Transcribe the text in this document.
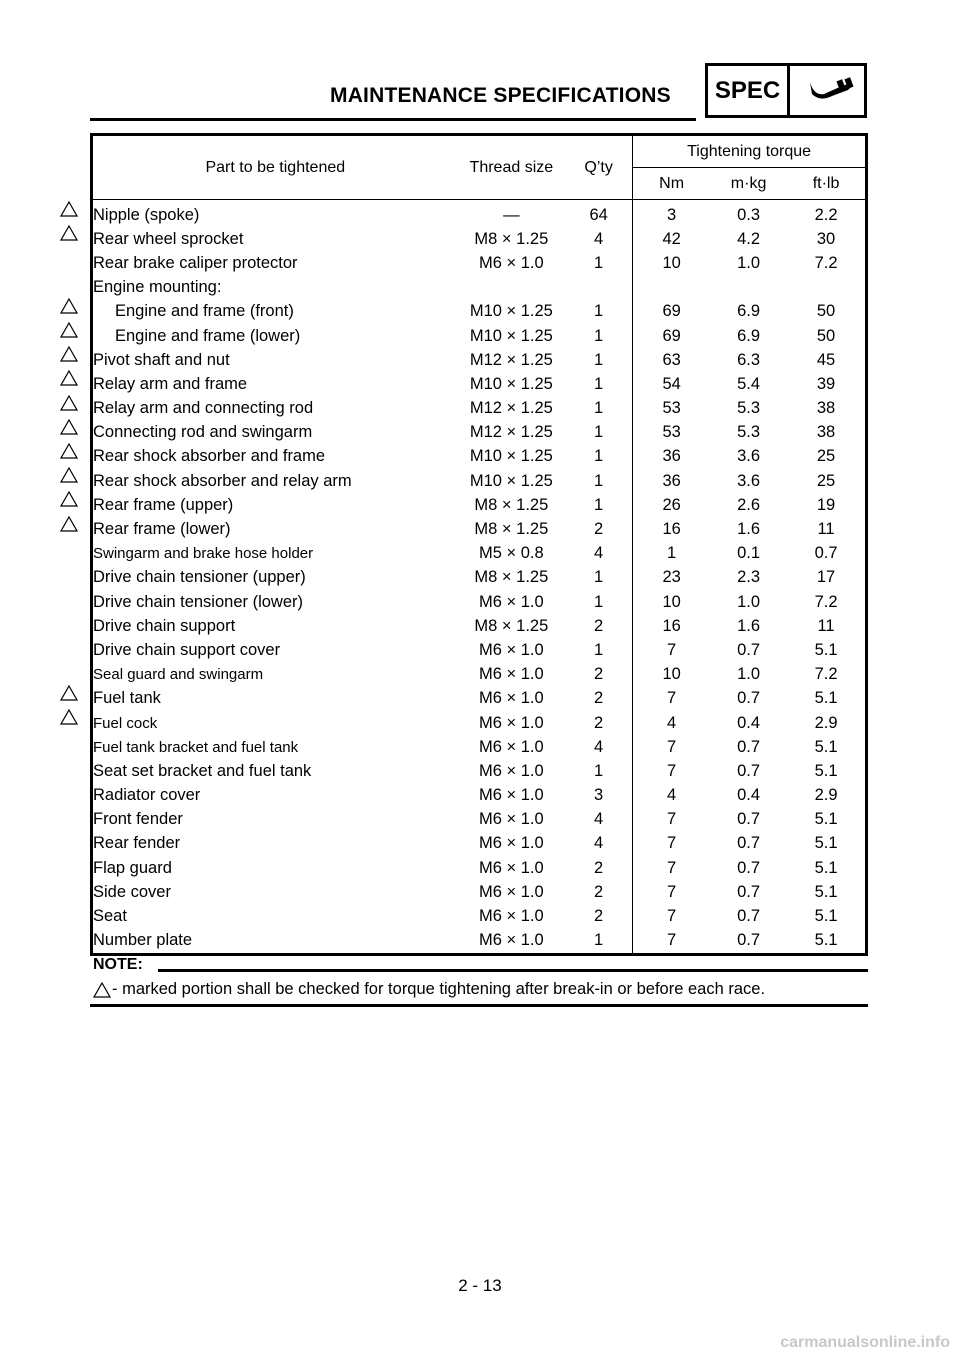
MAINTENANCE SPECIFICATIONS	SPEC
Part to be tightened	Thread size	Q’ty	Tightening torque		
			Nm	m·kg	ft·lb
Nipple (spoke)	—	64	3	0.3	2.2
Rear wheel sprocket	M8 × 1.25	4	42	4.2	30
Rear brake caliper protector	M6 × 1.0	1	10	1.0	7.2
Engine mounting:					
Engine and frame (front)	M10 × 1.25	1	69	6.9	50
Engine and frame (lower)	M10 × 1.25	1	69	6.9	50
Pivot shaft and nut	M12 × 1.25	1	63	6.3	45
Relay arm and frame	M10 × 1.25	1	54	5.4	39
Relay arm and connecting rod	M12 × 1.25	1	53	5.3	38
Connecting rod and swingarm	M12 × 1.25	1	53	5.3	38
Rear shock absorber and frame	M10 × 1.25	1	36	3.6	25
Rear shock absorber and relay arm	M10 × 1.25	1	36	3.6	25
Rear frame (upper)	M8 × 1.25	1	26	2.6	19
Rear frame (lower)	M8 × 1.25	2	16	1.6	11
Swingarm and brake hose holder	M5 × 0.8	4	1	0.1	0.7
Drive chain tensioner (upper)	M8 × 1.25	1	23	2.3	17
Drive chain tensioner (lower)	M6 × 1.0	1	10	1.0	7.2
Drive chain support	M8 × 1.25	2	16	1.6	11
Drive chain support cover	M6 × 1.0	1	7	0.7	5.1
Seal guard and swingarm	M6 × 1.0	2	10	1.0	7.2
Fuel tank	M6 × 1.0	2	7	0.7	5.1
Fuel cock	M6 × 1.0	2	4	0.4	2.9
Fuel tank bracket and fuel tank	M6 × 1.0	4	7	0.7	5.1
Seat set bracket and fuel tank	M6 × 1.0	1	7	0.7	5.1
Radiator cover	M6 × 1.0	3	4	0.4	2.9
Front fender	M6 × 1.0	4	7	0.7	5.1
Rear fender	M6 × 1.0	4	7	0.7	5.1
Flap guard	M6 × 1.0	2	7	0.7	5.1
Side cover	M6 × 1.0	2	7	0.7	5.1
Seat	M6 × 1.0	2	7	0.7	5.1
Number plate	M6 × 1.0	1	7	0.7	5.1
NOTE:
- marked portion shall be checked for torque tightening after break-in or before each race.
2 - 13
carmanualsonline.info
